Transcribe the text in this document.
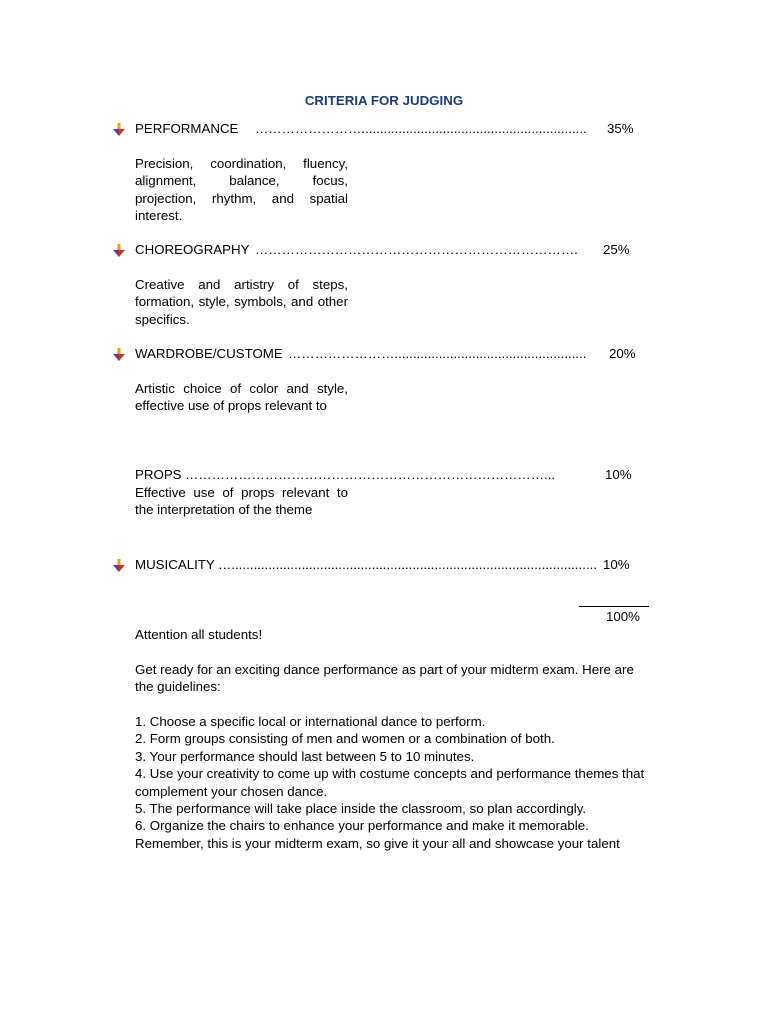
CRITERIA FOR JUDGING
PERFORMANCE …………………….............................................................	35%
Precision, coordination, fluency, alignment, balance, focus, projection, rhythm, and spatial interest.
CHOREOGRAPHY ……………………………………………………………….	25%
Creative and artistry of steps, formation, style, symbols, and other specifics.
WARDROBE/CUSTOME ……………………....................................................	20%
Artistic choice of color and style, effective use of props relevant to
PROPS ………………………………………………………………………...	10%
Effective use of props relevant to the interpretation of the theme
MUSICALITY …................................................................................................... 10%
100%
Attention all students!
Get ready for an exciting dance performance as part of your midterm exam. Here are the guidelines:
1. Choose a specific local or international dance to perform.
2. Form groups consisting of men and women or a combination of both.
3. Your performance should last between 5 to 10 minutes.
4. Use your creativity to come up with costume concepts and performance themes that complement your chosen dance.
5. The performance will take place inside the classroom, so plan accordingly.
6. Organize the chairs to enhance your performance and make it memorable.
Remember, this is your midterm exam, so give it your all and showcase your talent
